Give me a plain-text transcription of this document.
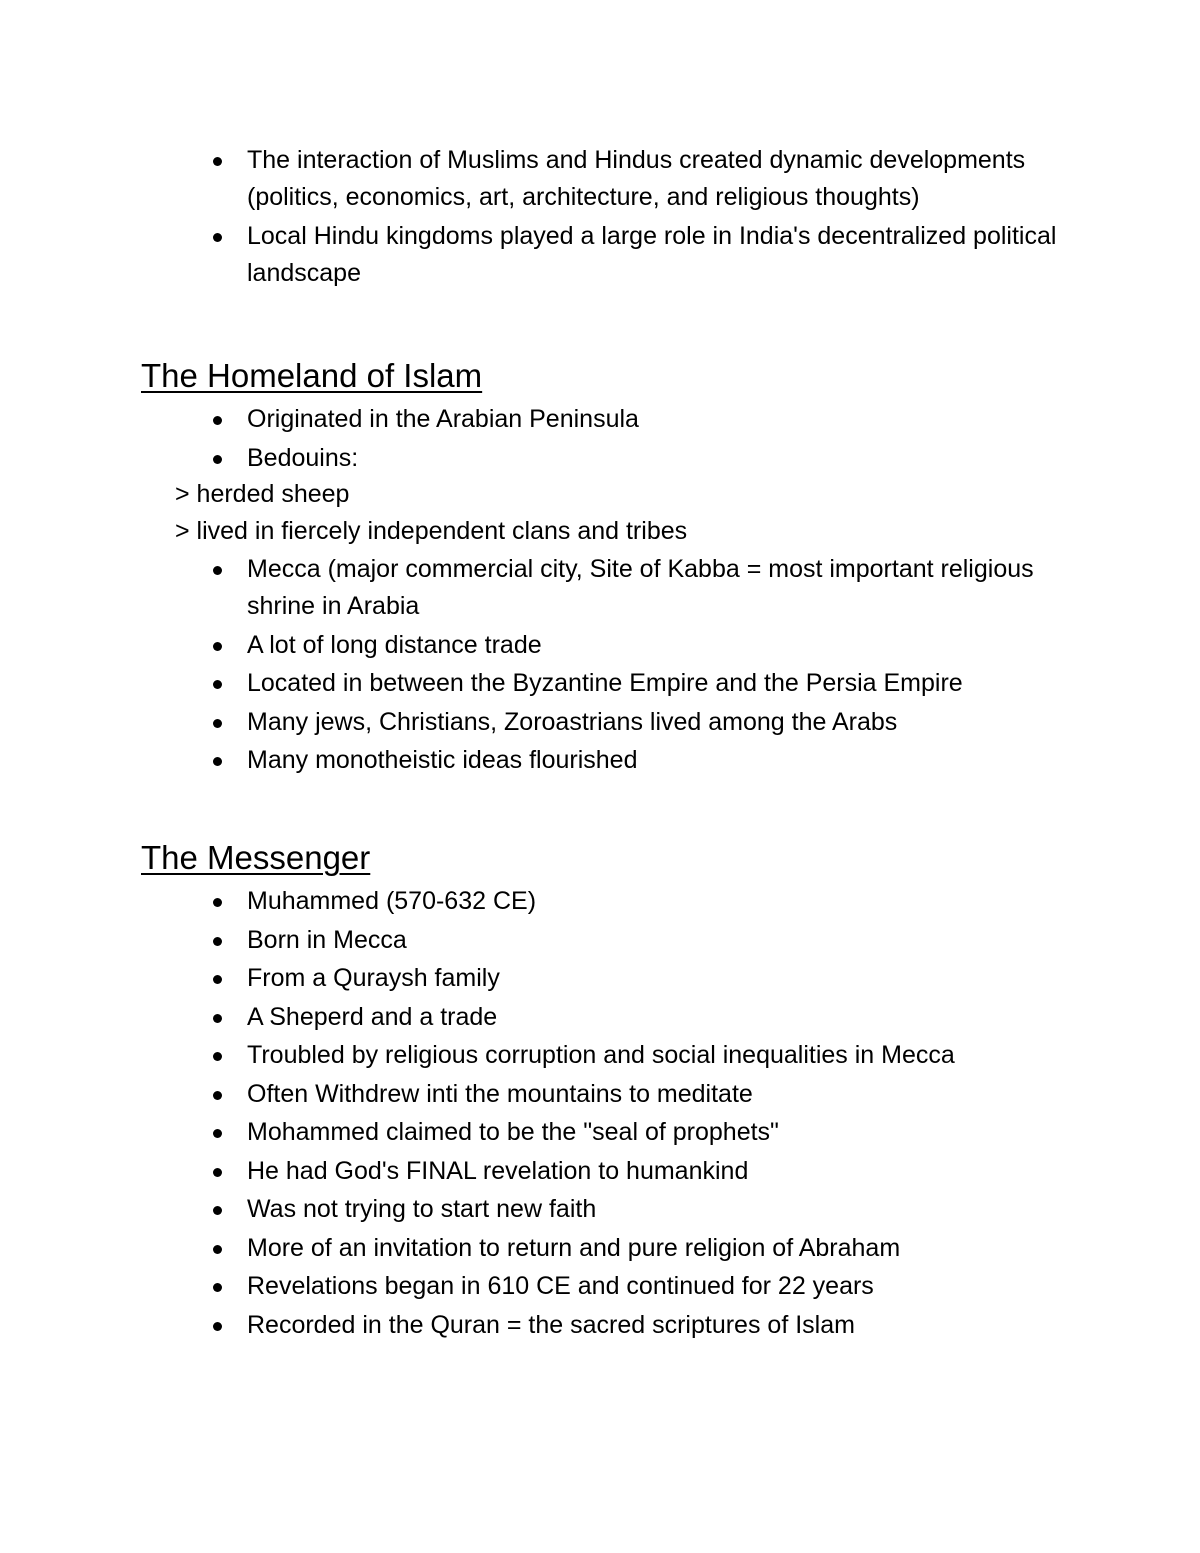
The interaction of Muslims and Hindus created dynamic developments (politics, economics, art, architecture, and religious thoughts)
Local Hindu kingdoms played a large role in India's decentralized political landscape
The Homeland of Islam
Originated in the Arabian Peninsula
Bedouins:
> herded sheep
> lived in fiercely independent clans and tribes
Mecca (major commercial city, Site of Kabba = most important religious shrine in Arabia
A lot of long distance trade
Located in between the Byzantine Empire and the Persia Empire
Many jews, Christians, Zoroastrians lived among the Arabs
Many monotheistic ideas flourished
The Messenger
Muhammed (570-632 CE)
Born in Mecca
From a Quraysh family
A Sheperd and a trade
Troubled by religious corruption and social inequalities in Mecca
Often Withdrew inti the mountains to meditate
Mohammed claimed to be the "seal of prophets"
He had God's FINAL revelation to humankind
Was not trying to start new faith
More of an invitation to return and pure religion of Abraham
Revelations began in 610 CE and continued for 22 years
Recorded in the Quran = the sacred scriptures of Islam
